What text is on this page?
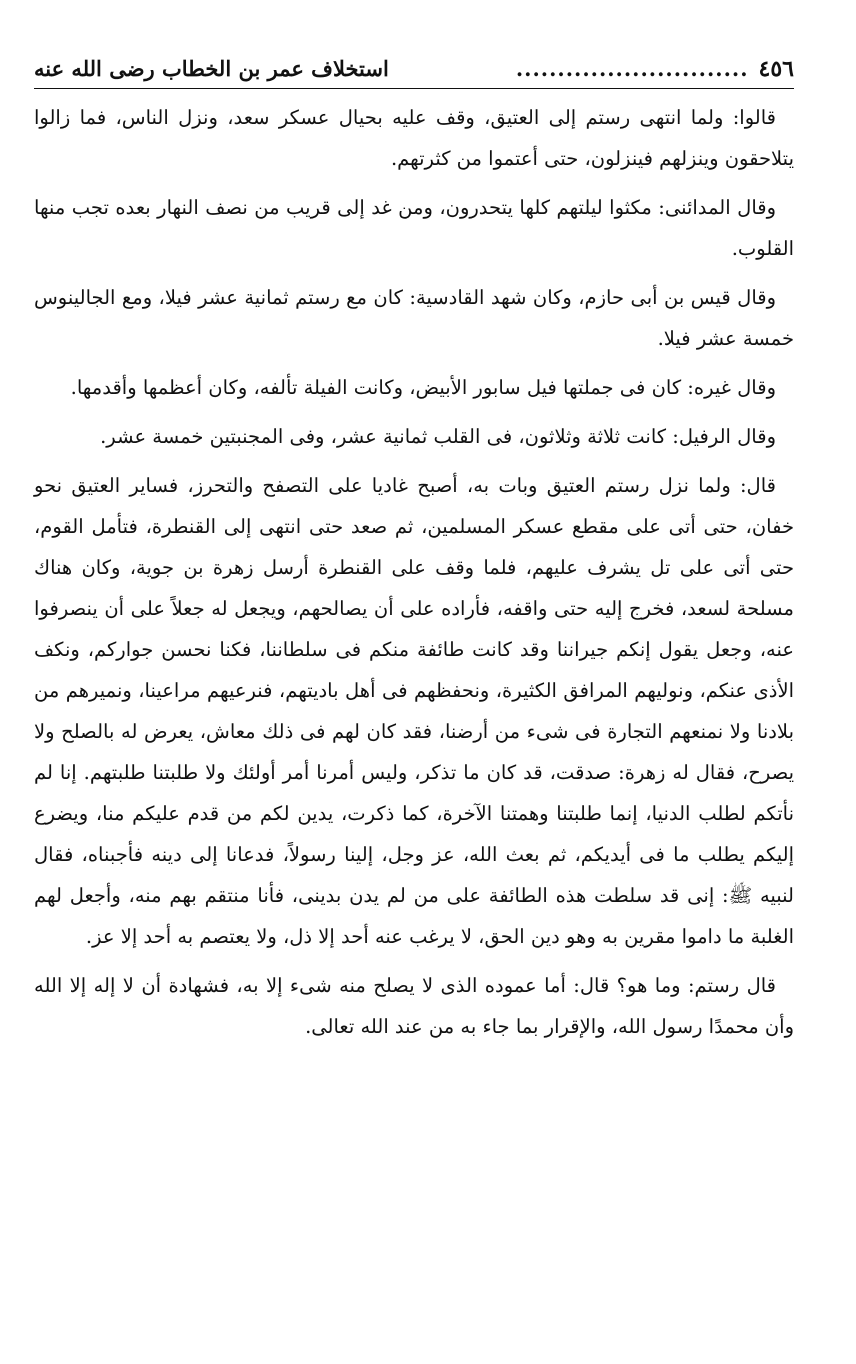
٤٥٦
............................
استخلاف عمر بن الخطاب رضى الله عنه

قالوا: ولما انتهى رستم إلى العتيق، وقف عليه بحيال عسكر سعد، ونزل الناس، فما زالوا يتلاحقون وينزلهم فينزلون، حتى أعتموا من كثرتهم.

وقال المدائنى: مكثوا ليلتهم كلها يتحدرون، ومن غد إلى قريب من نصف النهار بعده تجب منها القلوب.

وقال قيس بن أبى حازم، وكان شهد القادسية: كان مع رستم ثمانية عشر فيلا، ومع الجالينوس خمسة عشر فيلا.

وقال غيره: كان فى جملتها فيل سابور الأبيض، وكانت الفيلة تألفه، وكان أعظمها وأقدمها.

وقال الرفيل: كانت ثلاثة وثلاثون، فى القلب ثمانية عشر، وفى المجنبتين خمسة عشر.

قال: ولما نزل رستم العتيق وبات به، أصبح غاديا على التصفح والتحرز، فساير العتيق نحو خفان، حتى أتى على مقطع عسكر المسلمين، ثم صعد حتى انتهى إلى القنطرة، فتأمل القوم، حتى أتى على تل يشرف عليهم، فلما وقف على القنطرة أرسل زهرة بن جوية، وكان هناك مسلحة لسعد، فخرج إليه حتى واقفه، فأراده على أن يصالحهم، ويجعل له جعلاً على أن ينصرفوا عنه، وجعل يقول إنكم جيراننا وقد كانت طائفة منكم فى سلطاننا، فكنا نحسن جواركم، ونكف الأذى عنكم، ونوليهم المرافق الكثيرة، ونحفظهم فى أهل باديتهم، فنرعيهم مراعينا، ونميرهم من بلادنا ولا نمنعهم التجارة فى شىء من أرضنا، فقد كان لهم فى ذلك معاش، يعرض له بالصلح ولا يصرح، فقال له زهرة: صدقت، قد كان ما تذكر، وليس أمرنا أمر أولئك ولا طلبتنا طلبتهم. إنا لم نأتكم لطلب الدنيا، إنما طلبتنا وهمتنا الآخرة، كما ذكرت، يدين لكم من قدم عليكم منا، ويضرع إليكم يطلب ما فى أيديكم، ثم بعث الله، عز وجل، إلينا رسولاً، فدعانا إلى دينه فأجبناه، فقال لنبيه ﷺ: إنى قد سلطت هذه الطائفة على من لم يدن بدينى، فأنا منتقم بهم منه، وأجعل لهم الغلبة ما داموا مقرين به وهو دين الحق، لا يرغب عنه أحد إلا ذل، ولا يعتصم به أحد إلا عز.

قال رستم: وما هو؟ قال: أما عموده الذى لا يصلح منه شىء إلا به، فشهادة أن لا إله إلا الله وأن محمدًا رسول الله، والإقرار بما جاء به من عند الله تعالى.
